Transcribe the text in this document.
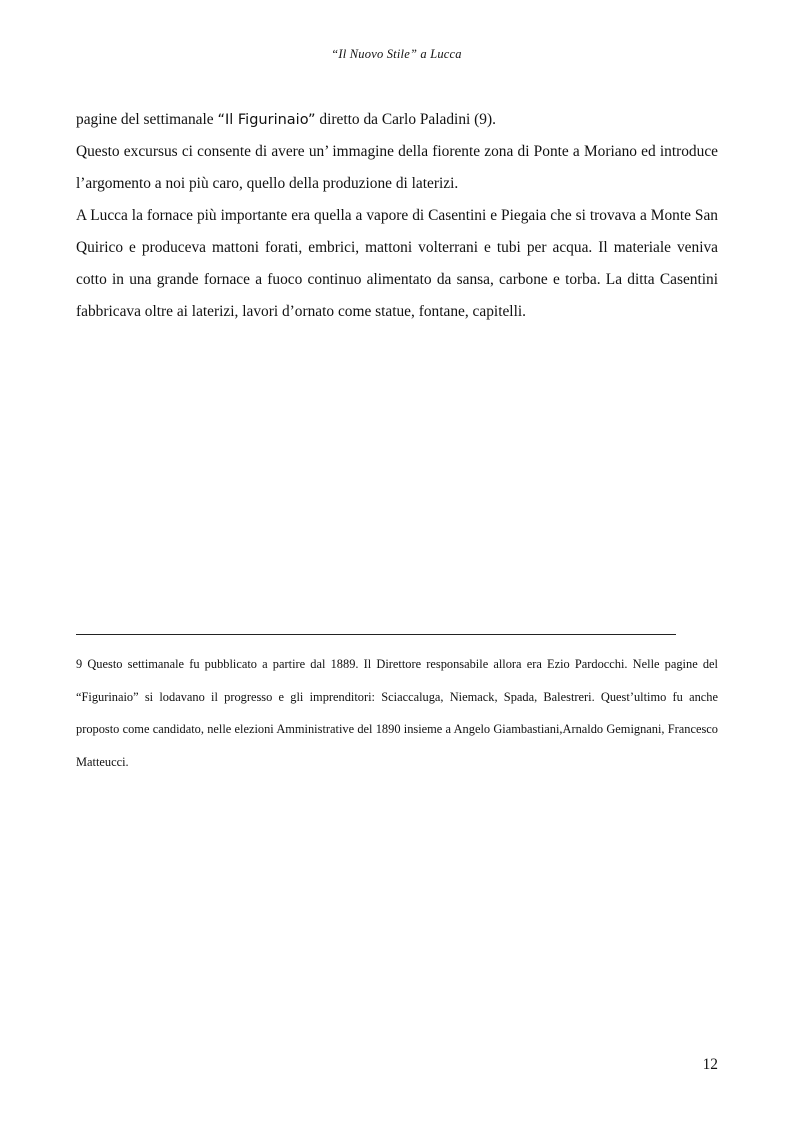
“Il Nuovo Stile” a Lucca

pagine del settimanale “Il Figurinaio” diretto da Carlo Paladini (9).

Questo excursus ci consente di avere un’ immagine della fiorente zona di Ponte a Moriano ed introduce l’argomento a noi più caro, quello della produzione di laterizi.

A Lucca la fornace più importante era quella a vapore di Casentini e Piegaia che si trovava a Monte San Quirico e produceva mattoni forati, embrici, mattoni volterrani e tubi per acqua. Il materiale veniva cotto in una grande fornace a fuoco continuo alimentato da sansa, carbone e torba. La ditta Casentini fabbricava oltre ai laterizi, lavori d’ornato come statue, fontane, capitelli.

9 Questo settimanale fu pubblicato a partire dal 1889. Il Direttore responsabile allora era Ezio Pardocchi. Nelle pagine del “Figurinaio” si lodavano il progresso e gli imprenditori: Sciaccaluga, Niemack, Spada, Balestreri. Quest’ultimo fu anche proposto come candidato, nelle elezioni Amministrative del 1890 insieme a Angelo Giambastiani,Arnaldo Gemignani, Francesco Matteucci.

12
